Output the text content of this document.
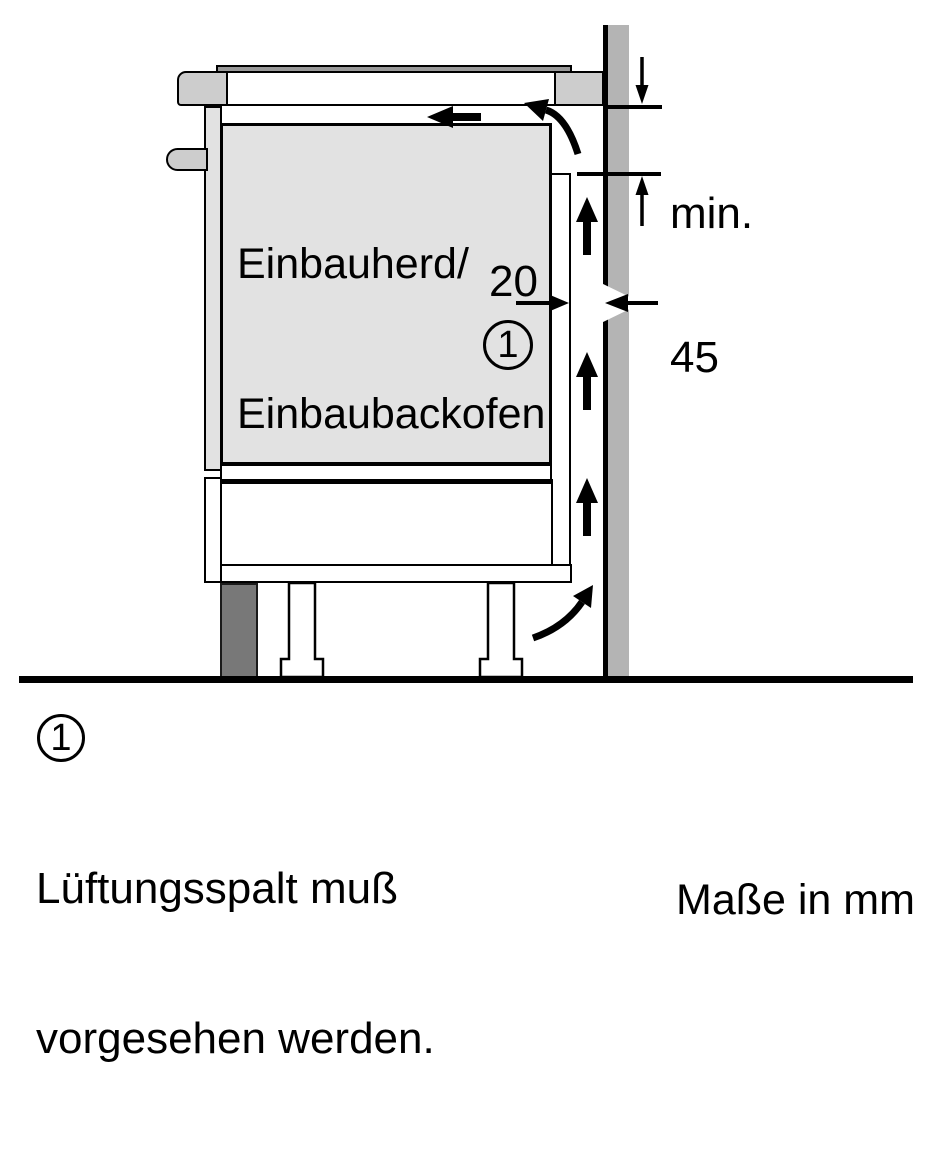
Einbauherd/

Einbaubackofen

min.

45

20
1
1

Lüftungsspalt muß

vorgesehen werden.

Maße in mm
